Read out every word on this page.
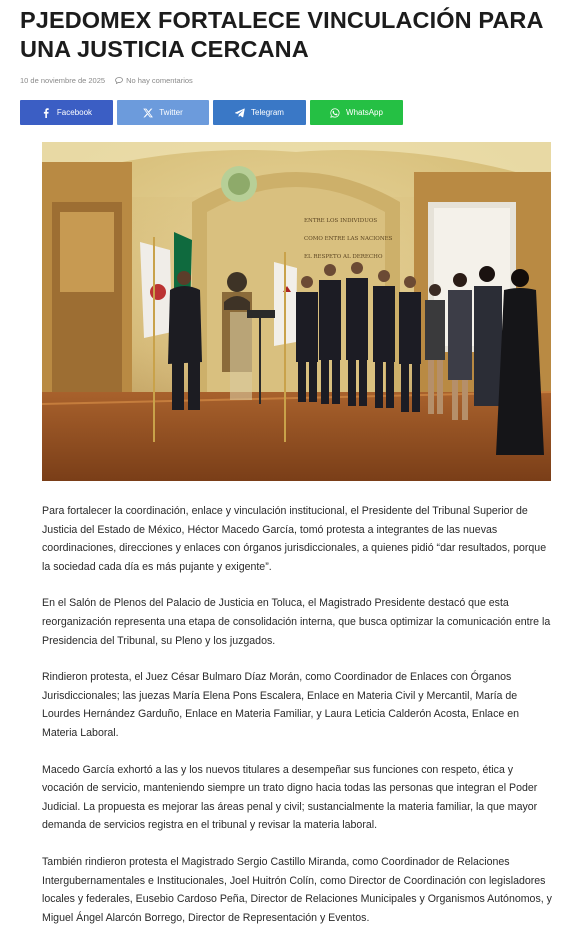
PJEDOMEX FORTALECE VINCULACIÓN PARA UNA JUSTICIA CERCANA
10 de noviembre de 2025	No hay comentarios
Facebook	Twitter	Telegram	WhatsApp
ENTRE LOS INDIVIDUOS
COMO ENTRE LAS NACIONES
EL RESPETO AL DERECHO

Para fortalecer la coordinación, enlace y vinculación institucional, el Presidente del Tribunal Superior de Justicia del Estado de México, Héctor Macedo García, tomó protesta a integrantes de las nuevas coordinaciones, direcciones y enlaces con órganos jurisdiccionales, a quienes pidió “dar resultados, porque la sociedad cada día es más pujante y exigente”.

En el Salón de Plenos del Palacio de Justicia en Toluca, el Magistrado Presidente destacó que esta reorganización representa una etapa de consolidación interna, que busca optimizar la comunicación entre la Presidencia del Tribunal, su Pleno y los juzgados.

Rindieron protesta, el Juez César Bulmaro Díaz Morán, como Coordinador de Enlaces con Órganos Jurisdiccionales; las juezas María Elena Pons Escalera, Enlace en Materia Civil y Mercantil, María de Lourdes Hernández Garduño, Enlace en Materia Familiar, y Laura Leticia Calderón Acosta, Enlace en Materia Laboral.

Macedo García exhortó a las y los nuevos titulares a desempeñar sus funciones con respeto, ética y vocación de servicio, manteniendo siempre un trato digno hacia todas las personas que integran el Poder Judicial. La propuesta es mejorar las áreas penal y civil; sustancialmente la materia familiar, la que mayor demanda de servicios registra en el tribunal y revisar la materia laboral.

También rindieron protesta el Magistrado Sergio Castillo Miranda, como Coordinador de Relaciones Intergubernamentales e Institucionales, Joel Huitrón Colín, como Director de Coordinación con legisladores locales y federales, Eusebio Cardoso Peña, Director de Relaciones Municipales y Organismos Autónomos, y Miguel Ángel Alarcón Borrego, Director de Representación y Eventos.
